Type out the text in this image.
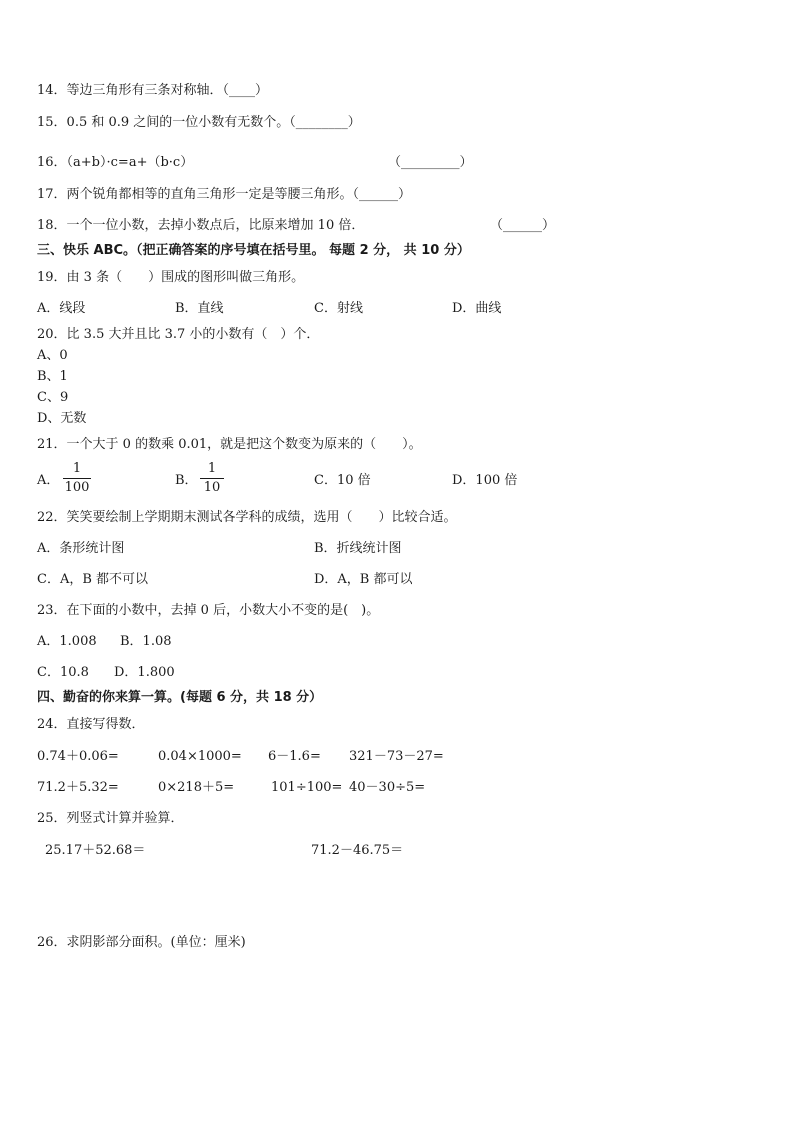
14．等边三角形有三条对称轴．（____）
15．0.5 和 0.9 之间的一位小数有无数个。（________）
16．（a+b）·c=a+（b·c）	（_________）
17．两个锐角都相等的直角三角形一定是等腰三角形。（______）
18．一个一位小数，去掉小数点后，比原来增加 10 倍．	（______）
三、快乐 ABC。（把正确答案的序号填在括号里。 每题 2 分， 共 10 分）
19．由 3 条（　　）围成的图形叫做三角形。
A．线段	B．直线	C．射线	D．曲线
20．比 3.5 大并且比 3.7 小的小数有（　）个．
A、0
B、1
C、9
D、无数
21．一个大于 0 的数乘 0.01，就是把这个数变为原来的（　　）。
A．
1
100	B．
1
10	C．10 倍	D．100 倍
22．笑笑要绘制上学期期末测试各学科的成绩，选用（　　）比较合适。
A．条形统计图	B．折线统计图
C．A，B 都不可以	D．A，B 都可以
23．在下面的小数中，去掉 0 后，小数大小不变的是(　)。
A．1.008 B．1.08
C．10.8 D．1.800
四、勤奋的你来算一算。(每题 6 分，共 18 分）
24．直接写得数．
0.74＋0.06=	0.04×1000= 6－1.6= 321－73－27=
71.2＋5.32=	0×218＋5=	101÷100= 40－30÷5=
25．列竖式计算并验算．
25.17＋52.68＝	71.2－46.75＝
26．求阴影部分面积。(单位：厘米)
